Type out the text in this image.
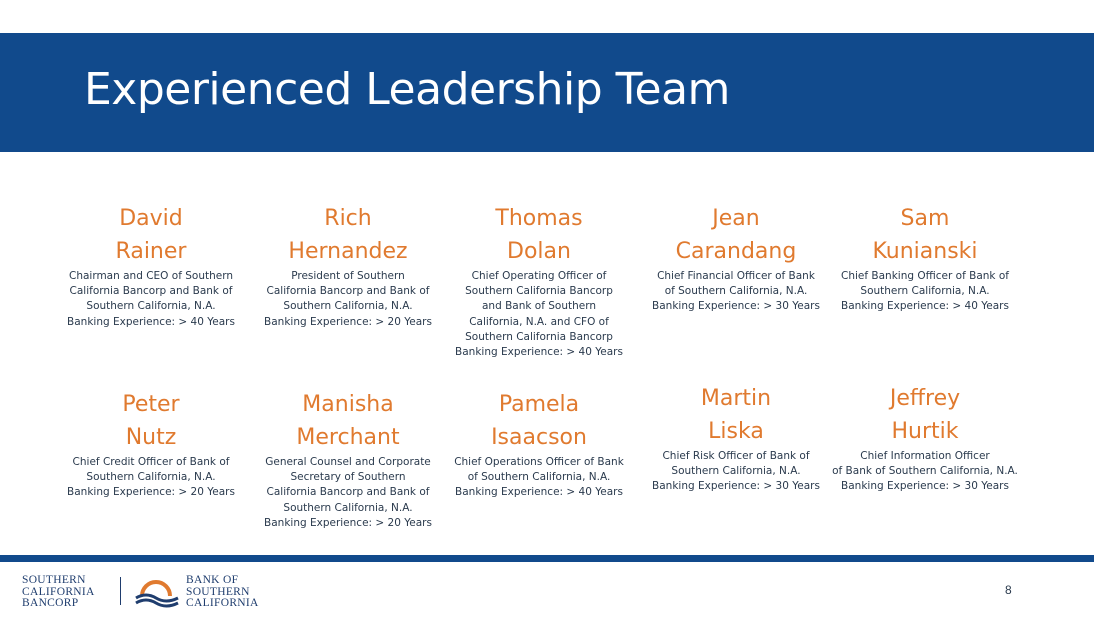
Experienced Leadership Team
David
Rainer
Chairman and CEO of Southern
California Bancorp and Bank of
Southern California, N.A.
Banking Experience: > 40 Years
Rich
Hernandez
President of Southern
California Bancorp and Bank of
Southern California, N.A.
Banking Experience: > 20 Years
Thomas
Dolan
Chief Operating Officer of
Southern California Bancorp
and Bank of Southern
California, N.A. and CFO of
Southern California Bancorp
Banking Experience: > 40 Years
Jean
Carandang
Chief Financial Officer of Bank
of Southern California, N.A.
Banking Experience: > 30 Years
Sam
Kunianski
Chief Banking Officer of Bank of
Southern California, N.A.
Banking Experience: > 40 Years
Peter
Nutz
Chief Credit Officer of Bank of
Southern California, N.A.
Banking Experience: > 20 Years
Manisha
Merchant
General Counsel and Corporate
Secretary of Southern
California Bancorp and Bank of
Southern California, N.A.
Banking Experience: > 20 Years
Pamela
Isaacson
Chief Operations Officer of Bank
of Southern California, N.A.
Banking Experience: > 40 Years
Martin
Liska
Chief Risk Officer of Bank of
Southern California, N.A.
Banking Experience: > 30 Years
Jeffrey
Hurtik
Chief Information Officer
of Bank of Southern California, N.A.
Banking Experience: > 30 Years
SOUTHERN
CALIFORNIA
BANCORP
BANK OF
SOUTHERN
CALIFORNIA
8
